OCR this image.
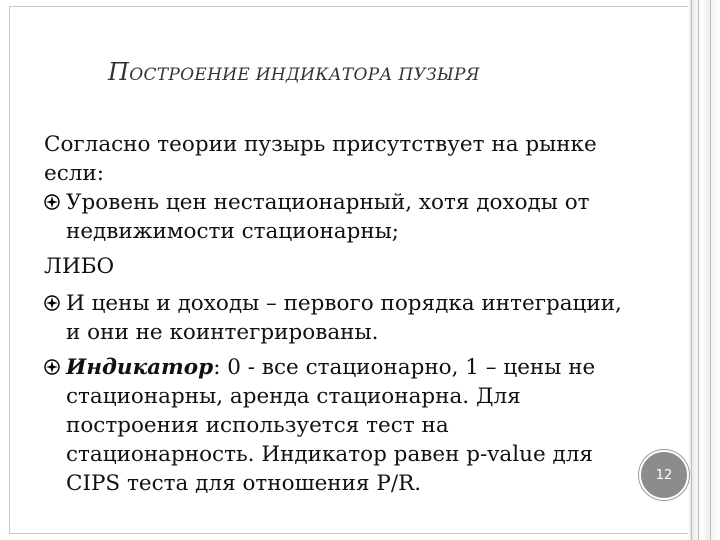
ПОСТРОЕНИЕ ИНДИКАТОРА ПУЗЫРЯ

Согласно теории пузырь присутствует на рынке если:

Уровень цен нестационарный, хотя доходы от недвижимости стационарны;
ЛИБО
И цены и доходы – первого порядка интеграции, и они не коинтегрированы.
Индикатор: 0 - все стационарно, 1 – цены не стационарны, аренда стационарна. Для построения используется тест на стационарность. Индикатор равен p-value для CIPS теста для отношения P/R.	12
